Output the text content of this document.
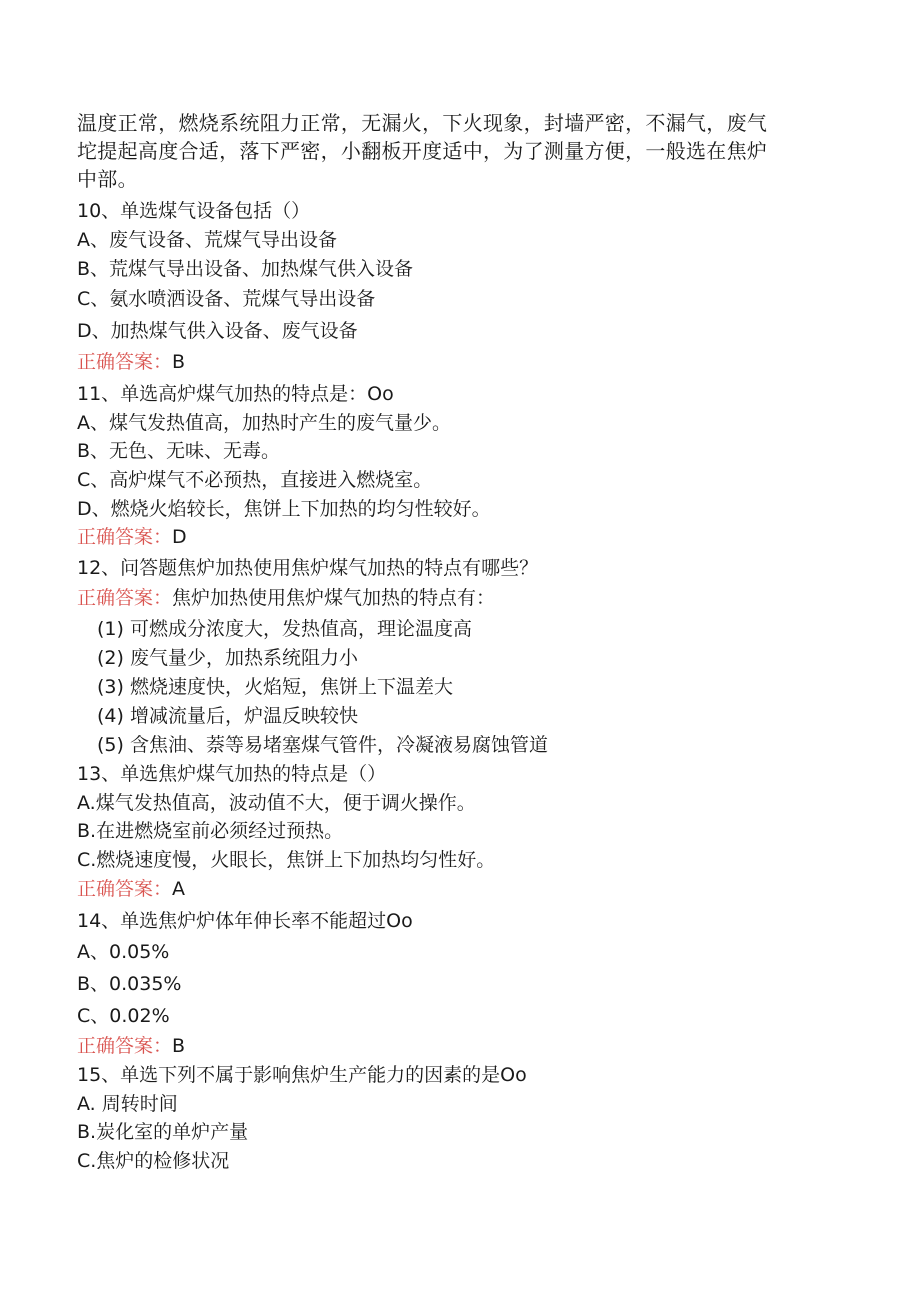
温度正常，燃烧系统阻力正常，无漏火，下火现象，封墙严密，不漏气，废气
坨提起高度合适，落下严密，小翻板开度适中，为了测量方便，一般选在焦炉
中部。
10、单选煤气设备包括（）
A、废气设备、荒煤气导出设备
B、荒煤气导出设备、加热煤气供入设备
C、氨水喷洒设备、荒煤气导出设备
D、加热煤气供入设备、废气设备
正确答案：B
11、单选高炉煤气加热的特点是：Oo
A、煤气发热值高，加热时产生的废气量少。
B、无色、无味、无毒。
C、高炉煤气不必预热，直接进入燃烧室。
D、燃烧火焰较长，焦饼上下加热的均匀性较好。
正确答案：D
12、问答题焦炉加热使用焦炉煤气加热的特点有哪些？
正确答案：焦炉加热使用焦炉煤气加热的特点有：
(1) 可燃成分浓度大，发热值高，理论温度高
(2) 废气量少，加热系统阻力小
(3) 燃烧速度快，火焰短，焦饼上下温差大
(4) 增减流量后，炉温反映较快
(5) 含焦油、萘等易堵塞煤气管件，冷凝液易腐蚀管道
13、单选焦炉煤气加热的特点是（）
A.煤气发热值高，波动值不大，便于调火操作。
B.在进燃烧室前必须经过预热。
C.燃烧速度慢，火眼长，焦饼上下加热均匀性好。
正确答案：A
14、单选焦炉炉体年伸长率不能超过Oo
A、0.05%
B、0.035%
C、0.02%
正确答案：B
15、单选下列不属于影响焦炉生产能力的因素的是Oo
A. 周转时间
B.炭化室的单炉产量
C.焦炉的检修状况
